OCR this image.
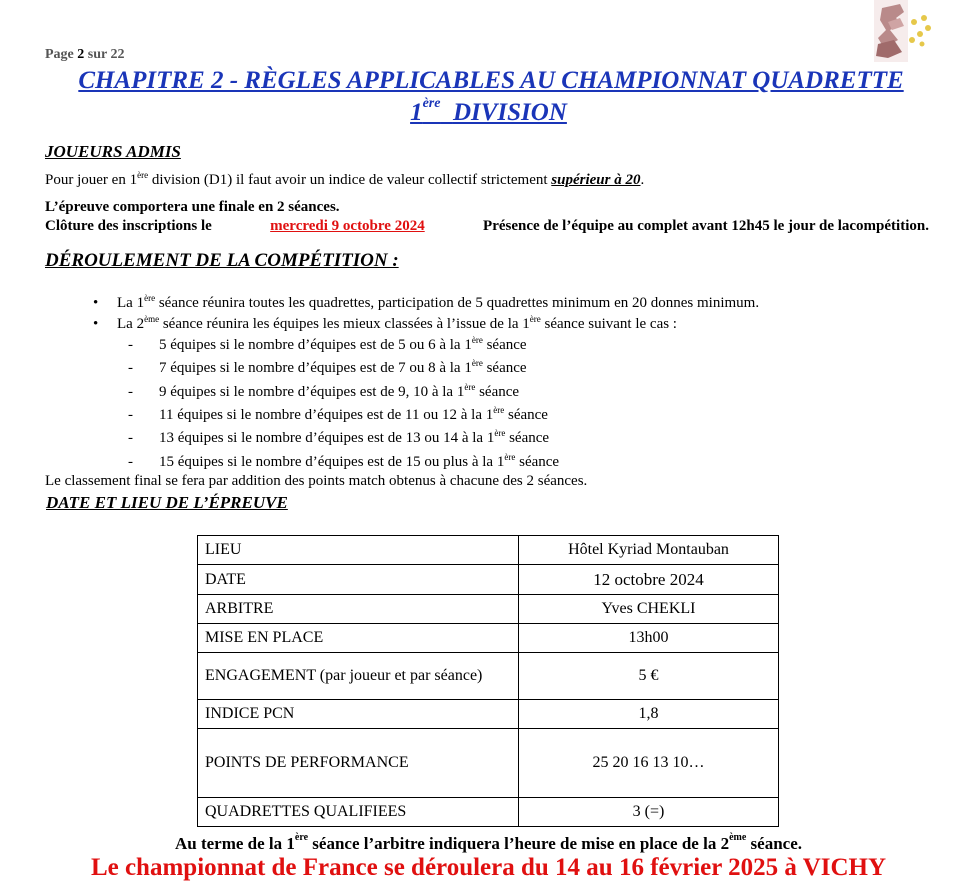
Page 2 sur 22
CHAPITRE 2 - RÈGLES APPLICABLES AU CHAMPIONNAT QUADRETTE
1ère DIVISION
JOUEURS ADMIS
Pour jouer en 1ère division (D1) il faut avoir un indice de valeur collectif strictement supérieur à 20.
L’épreuve comportera une finale en 2 séances.
Clôture des inscriptions le	mercredi 9 octobre 2024	Présence de l’équipe au complet avant 12h45 le jour de lacompétition.
DÉROULEMENT DE LA COMPÉTITION :
• La 1ère séance réunira toutes les quadrettes, participation de 5 quadrettes minimum en 20 donnes minimum.
• La 2ème séance réunira les équipes les mieux classées à l’issue de la 1ère séance suivant le cas :
- 5 équipes si le nombre d’équipes est de 5 ou 6 à la 1ère séance
- 7 équipes si le nombre d’équipes est de 7 ou 8 à la 1ère séance
- 9 équipes si le nombre d’équipes est de 9, 10 à la 1ère séance
- 11 équipes si le nombre d’équipes est de 11 ou 12 à la 1ère séance
- 13 équipes si le nombre d’équipes est de 13 ou 14 à la 1ère séance
- 15 équipes si le nombre d’équipes est de 15 ou plus à la 1ère séance
Le classement final se fera par addition des points match obtenus à chacune des 2 séances.
DATE ET LIEU DE L’ÉPREUVE
LIEU	Hôtel Kyriad Montauban
DATE	12 octobre 2024
ARBITRE	Yves CHEKLI
MISE EN PLACE	13h00
ENGAGEMENT (par joueur et par séance)	5 €
INDICE PCN	1,8
POINTS DE PERFORMANCE	25 20 16 13 10…
QUADRETTES QUALIFIEES	3 (=)
Au terme de la 1ère séance l’arbitre indiquera l’heure de mise en place de la 2ème séance.
Le championnat de France se déroulera du 14 au 16 février 2025 à VICHY
